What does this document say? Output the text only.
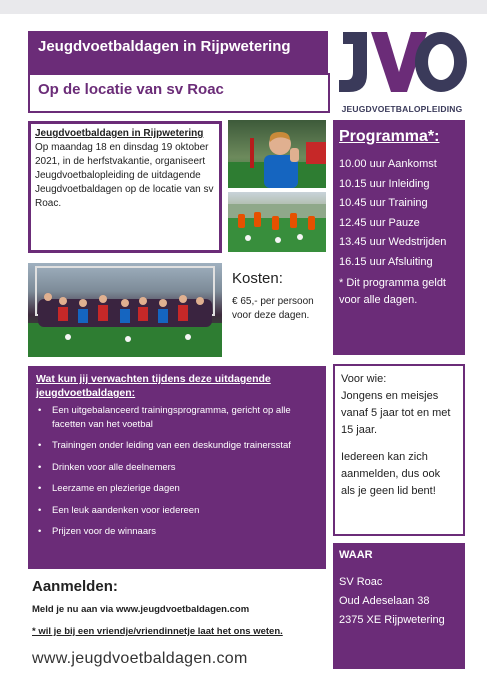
Jeugdvoetbaldagen in Rijpwetering
Op de locatie van sv Roac
JEUGDVOETBALOPLEIDING
Jeugdvoetbaldagen in Rijpwetering
Op maandag 18 en dinsdag 19 oktober 2021, in de herfstvakantie, organiseert Jeugdvoetbalopleiding de uitdagende Jeugdvoetbaldagen op de locatie van sv Roac.
Kosten:
€ 65,- per persoon voor deze dagen.
Programma*:
10.00 uur Aankomst
10.15 uur Inleiding
10.45 uur Training
12.45 uur Pauze
13.45 uur Wedstrijden
16.15 uur Afsluiting
* Dit programma geldt voor alle dagen.
Wat kun jij verwachten tijdens deze uitdagende jeugdvoetbaldagen:
• Een uitgebalanceerd trainingsprogramma, gericht op alle facetten van het voetbal
• Trainingen onder leiding van een deskundige trainersstaf
• Drinken voor alle deelnemers
• Leerzame en plezierige dagen
• Een leuk aandenken voor iedereen
• Prijzen voor de winnaars
Voor wie:
Jongens en meisjes vanaf 5 jaar tot en met 15 jaar.
Iedereen kan zich aanmelden, dus ook als je geen lid bent!
WAAR
SV Roac
Oud Adeselaan 38
2375 XE Rijpwetering
Aanmelden:
Meld je nu aan via www.jeugdvoetbaldagen.com
* wil je bij een vriendje/vriendinnetje laat het ons weten.
www.jeugdvoetbaldagen.com
